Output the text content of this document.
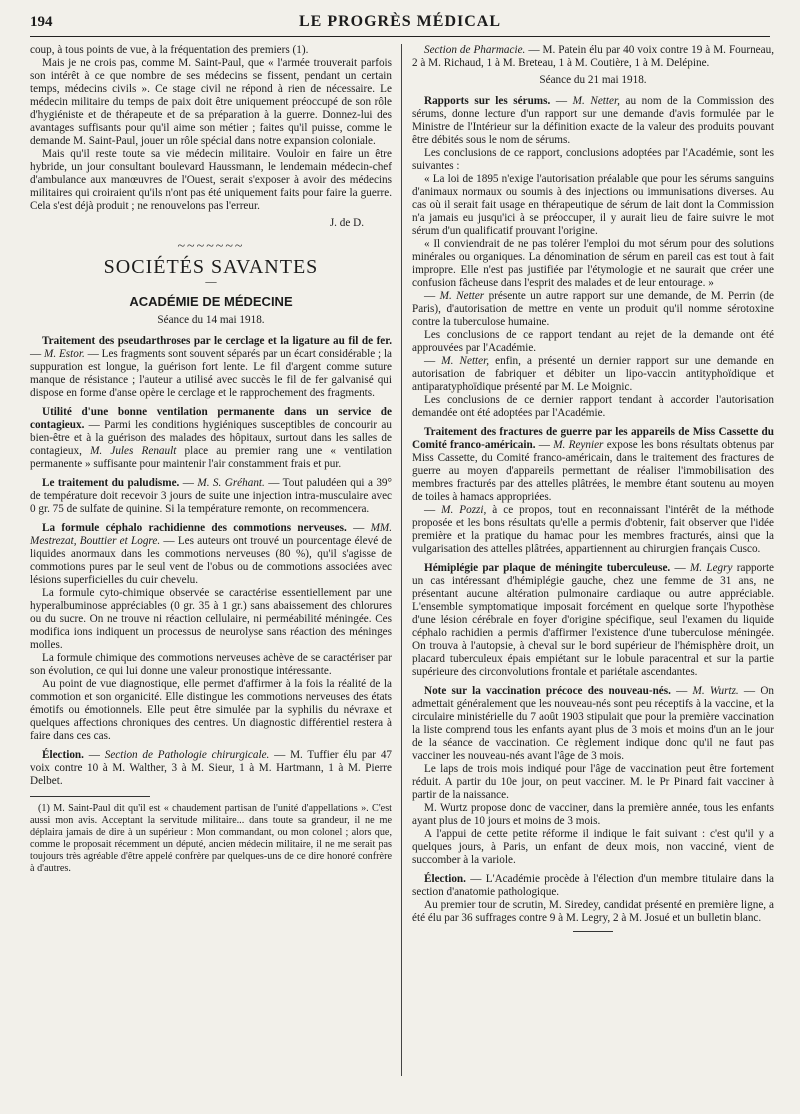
194	LE PROGRÈS MÉDICAL

coup, à tous points de vue, à la fréquentation des premiers (1).

Mais je ne crois pas, comme M. Saint-Paul, que « l'armée trouverait parfois son intérêt à ce que nombre de ses médecins se fissent, pendant un certain temps, médecins civils ». Ce stage civil ne répond à rien de nécessaire. Le médecin militaire du temps de paix doit être uniquement préoccupé de son rôle d'hygiéniste et de thérapeute et de sa préparation à la guerre. Donnez-lui des avantages suffisants pour qu'il aime son métier ; faites qu'il puisse, comme le demande M. Saint-Paul, jouer un rôle spécial dans notre expansion coloniale.

Mais qu'il reste toute sa vie médecin militaire. Vouloir en faire un être hybride, un jour consultant boulevard Haussmann, le lendemain médecin-chef d'ambulance aux manœuvres de l'Ouest, serait s'exposer à avoir des médecins militaires qui croiraient qu'ils n'ont pas été uniquement faits pour faire la guerre. Cela s'est déjà produit ; ne renouvelons pas l'erreur.

J. de D.
~~~~~~~
SOCIÉTÉS SAVANTES
—
ACADÉMIE DE MÉDECINE
Séance du 14 mai 1918.

Traitement des pseudarthroses par le cerclage et la ligature au fil de fer. — M. Estor. — Les fragments sont souvent séparés par un écart considérable ; la suppuration est longue, la guérison fort lente. Le fil d'argent comme suture manque de résistance ; l'auteur a utilisé avec succès le fil de fer galvanisé qui dispose en forme d'anse opère le cerclage et le rapprochement des fragments.

Utilité d'une bonne ventilation permanente dans un service de contagieux. — Parmi les conditions hygiéniques susceptibles de concourir au bien-être et à la guérison des malades des hôpitaux, surtout dans les salles de contagieux, M. Jules Renault place au premier rang une « ventilation permanente » suffisante pour maintenir l'air constamment frais et pur.

Le traitement du paludisme. — M. S. Gréhant. — Tout paludéen qui a 39° de température doit recevoir 3 jours de suite une injection intra-musculaire avec 0 gr. 75 de sulfate de quinine. Si la température remonte, on recommencera.

La formule céphalo rachidienne des commotions nerveuses. — MM. Mestrezat, Bouttier et Logre. — Les auteurs ont trouvé un pourcentage élevé de liquides anormaux dans les commotions nerveuses (80 %), qu'il s'agisse de commotions pures par le seul vent de l'obus ou de commotions associées avec lésions superficielles du cuir chevelu.

La formule cyto-chimique observée se caractérise essentiellement par une hyperalbuminose appréciables (0 gr. 35 à 1 gr.) sans abaissement des chlorures ou du sucre. On ne trouve ni réaction cellulaire, ni perméabilité méningée. Ces modifica ions indiquent un processus de neurolyse sans réaction des méninges molles.

La formule chimique des commotions nerveuses achève de se caractériser par son évolution, ce qui lui donne une valeur pronostique intéressante.

Au point de vue diagnostique, elle permet d'affirmer à la fois la réalité de la commotion et son organicité. Elle distingue les commotions nerveuses des états émotifs ou émotionnels. Elle peut être simulée par la syphilis du névraxe et quelques affections chroniques des centres. Un diagnostic différentiel restera à faire dans ces cas.

Élection. — Section de Pathologie chirurgicale. — M. Tuffier élu par 47 voix contre 10 à M. Walther, 3 à M. Sieur, 1 à M. Hartmann, 1 à M. Pierre Delbet.

(1) M. Saint-Paul dit qu'il est « chaudement partisan de l'unité d'appellations ». C'est aussi mon avis. Acceptant la servitude militaire... dans toute sa grandeur, il ne me déplaira jamais de dire à un supérieur : Mon commandant, ou mon colonel ; alors que, comme le proposait récemment un député, ancien médecin militaire, il ne me serait pas toujours très agréable d'être appelé confrère par quelques-uns de ce dire honoré confrère à d'autres.

Section de Pharmacie. — M. Patein élu par 40 voix contre 19 à M. Fourneau, 2 à M. Richaud, 1 à M. Breteau, 1 à M. Coutière, 1 à M. Delépine.

Séance du 21 mai 1918.

Rapports sur les sérums. — M. Netter, au nom de la Commission des sérums, donne lecture d'un rapport sur une demande d'avis formulée par le Ministre de l'Intérieur sur la définition exacte de la valeur des produits pouvant être débités sous le nom de sérums.

Les conclusions de ce rapport, conclusions adoptées par l'Académie, sont les suivantes :

« La loi de 1895 n'exige l'autorisation préalable que pour les sérums sanguins d'animaux normaux ou soumis à des injections ou immunisations diverses. Au cas où il serait fait usage en thérapeutique de sérum de lait dont la Commission n'a jamais eu jusqu'ici à se préoccuper, il y aurait lieu de faire suivre le mot sérum d'un qualificatif prouvant l'origine.

« Il conviendrait de ne pas tolérer l'emploi du mot sérum pour des solutions minérales ou organiques. La dénomination de sérum en pareil cas est tout à fait impropre. Elle n'est pas justifiée par l'étymologie et ne saurait que créer une confusion fâcheuse dans l'esprit des malades et de leur entourage. »

— M. Netter présente un autre rapport sur une demande, de M. Perrin (de Paris), d'autorisation de mettre en vente un produit qu'il nomme sérotoxine contre la tuberculose humaine.

Les conclusions de ce rapport tendant au rejet de la demande ont été approuvées par l'Académie.

— M. Netter, enfin, a présenté un dernier rapport sur une demande en autorisation de fabriquer et débiter un lipo-vaccin antityphoïdique et antiparatyphoïdique présenté par M. Le Moignic.

Les conclusions de ce dernier rapport tendant à accorder l'autorisation demandée ont été adoptées par l'Académie.

Traitement des fractures de guerre par les appareils de Miss Cassette du Comité franco-américain. — M. Reynier expose les bons résultats obtenus par Miss Cassette, du Comité franco-américain, dans le traitement des fractures de guerre au moyen d'appareils permettant de réaliser l'immobilisation des membres fracturés par des attelles plâtrées, le membre étant soutenu au moyen de toiles à hamacs appropriées.

— M. Pozzi, à ce propos, tout en reconnaissant l'intérêt de la méthode proposée et les bons résultats qu'elle a permis d'obtenir, fait observer que l'idée première et la pratique du hamac pour les membres fracturés, ainsi que la vulgarisation des attelles plâtrées, appartiennent au chirurgien français Cusco.

Hémiplégie par plaque de méningite tuberculeuse. — M. Legry rapporte un cas intéressant d'hémiplégie gauche, chez une femme de 31 ans, ne présentant aucune altération pulmonaire cardiaque ou autre appréciable. L'ensemble symptomatique imposait forcément en quelque sorte l'hypothèse d'une lésion cérébrale en foyer d'origine spécifique, seul l'examen du liquide céphalo rachidien a permis d'affirmer l'existence d'une tuberculose méningée. On trouva à l'autopsie, à cheval sur le bord supérieur de l'hémisphère droit, un placard tuberculeux épais empiétant sur le lobule paracentral et sur la partie supérieure des circonvolutions frontale et pariétale ascendantes.

Note sur la vaccination précoce des nouveau-nés. — M. Wurtz. — On admettait généralement que les nouveau-nés sont peu réceptifs à la vaccine, et la circulaire ministérielle du 7 août 1903 stipulait que pour la première vaccination la liste comprend tous les enfants ayant plus de 3 mois et moins d'un an le jour de la séance de vaccination. Ce règlement indique donc qu'il ne faut pas vacciner les nouveau-nés avant l'âge de 3 mois.

Le laps de trois mois indiqué pour l'âge de vaccination peut être fortement réduit. A partir du 10e jour, on peut vacciner. M. le Pr Pinard fait vacciner à partir de la naissance.

M. Wurtz propose donc de vacciner, dans la première année, tous les enfants ayant plus de 10 jours et moins de 3 mois.

A l'appui de cette petite réforme il indique le fait suivant : c'est qu'il y a quelques jours, à Paris, un enfant de deux mois, non vacciné, vient de succomber à la variole.

Élection. — L'Académie procède à l'élection d'un membre titulaire dans la section d'anatomie pathologique.

Au premier tour de scrutin, M. Siredey, candidat présenté en première ligne, a été élu par 36 suffrages contre 9 à M. Legry, 2 à M. Josué et un bulletin blanc.
